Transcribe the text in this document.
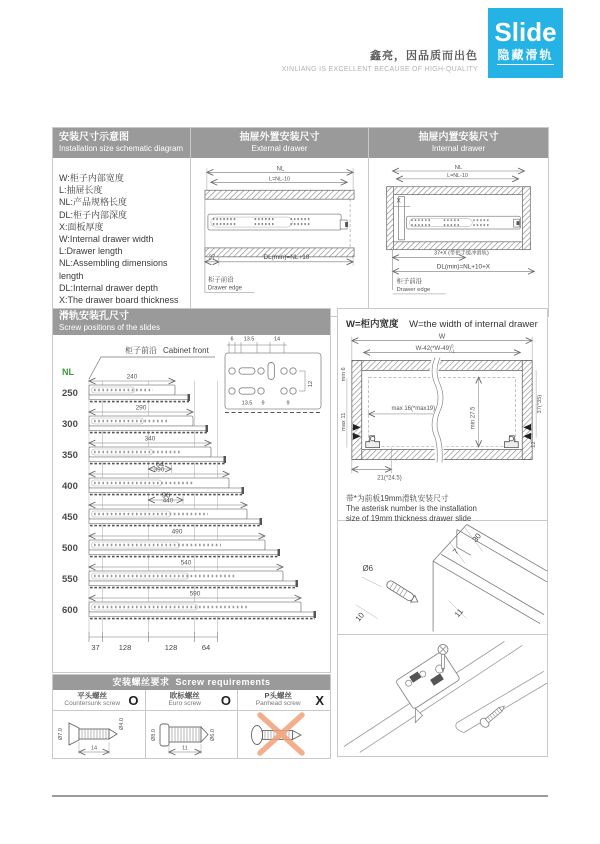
Slide
隐藏滑轨
鑫亮，因品质而出色
XINLIANG IS EXCELLENT BECAUSE OF HIGH-QUALITY
安装尺寸示意图
Installation size schematic diagram
W:柜子内部宽度
L:抽屉长度
NL:产品规格长度
DL:柜子内部深度
X:面板厚度
W:Internal drawer width
L:Drawer length
NL:Assembling dimensions length
DL:Internal drawer depth
X:The drawer board thickness
抽屉外置安装尺寸
External drawer
NL
L=NL-10
37	DL(min)=NL+10
柜子前沿
Drawer edge
抽屉内置安装尺寸
Internal drawer
NL
L=NL-10
X
37+X (带把手缓冲滑轨)
DL(min)=NL+10+X
柜子前沿
Drawer edge
滑轨安装孔尺寸
Screw positions of the slides
柜子前沿 Cabinet front
NL
250
300
350
400
450
500
550
600
240
290
340
64
390
96
440
490
540
590
37	128	128	64
6 13.5	14
13.5 9	9
12
W=柜内宽度 W=the width of internal drawer
W
$W-42(*W-49)^0$ -1
min 6
max 11
max 16(*max19)	min 27.5
37(*35)
12
21(*24.5)
带*为前板19mm滑轨安装尺寸
The asterisk number is the installation
size of 19mm thickness drawer slide
30
7
Ø6
10	11
安装螺丝要求 Screw requirements
平头螺丝
Countersunk screw O
Ø7.0
Ø4.0
14
欧标螺丝
Euro screw	O
Ø8.0	Ø6.0
11
P头螺丝
Panhead screw	X
